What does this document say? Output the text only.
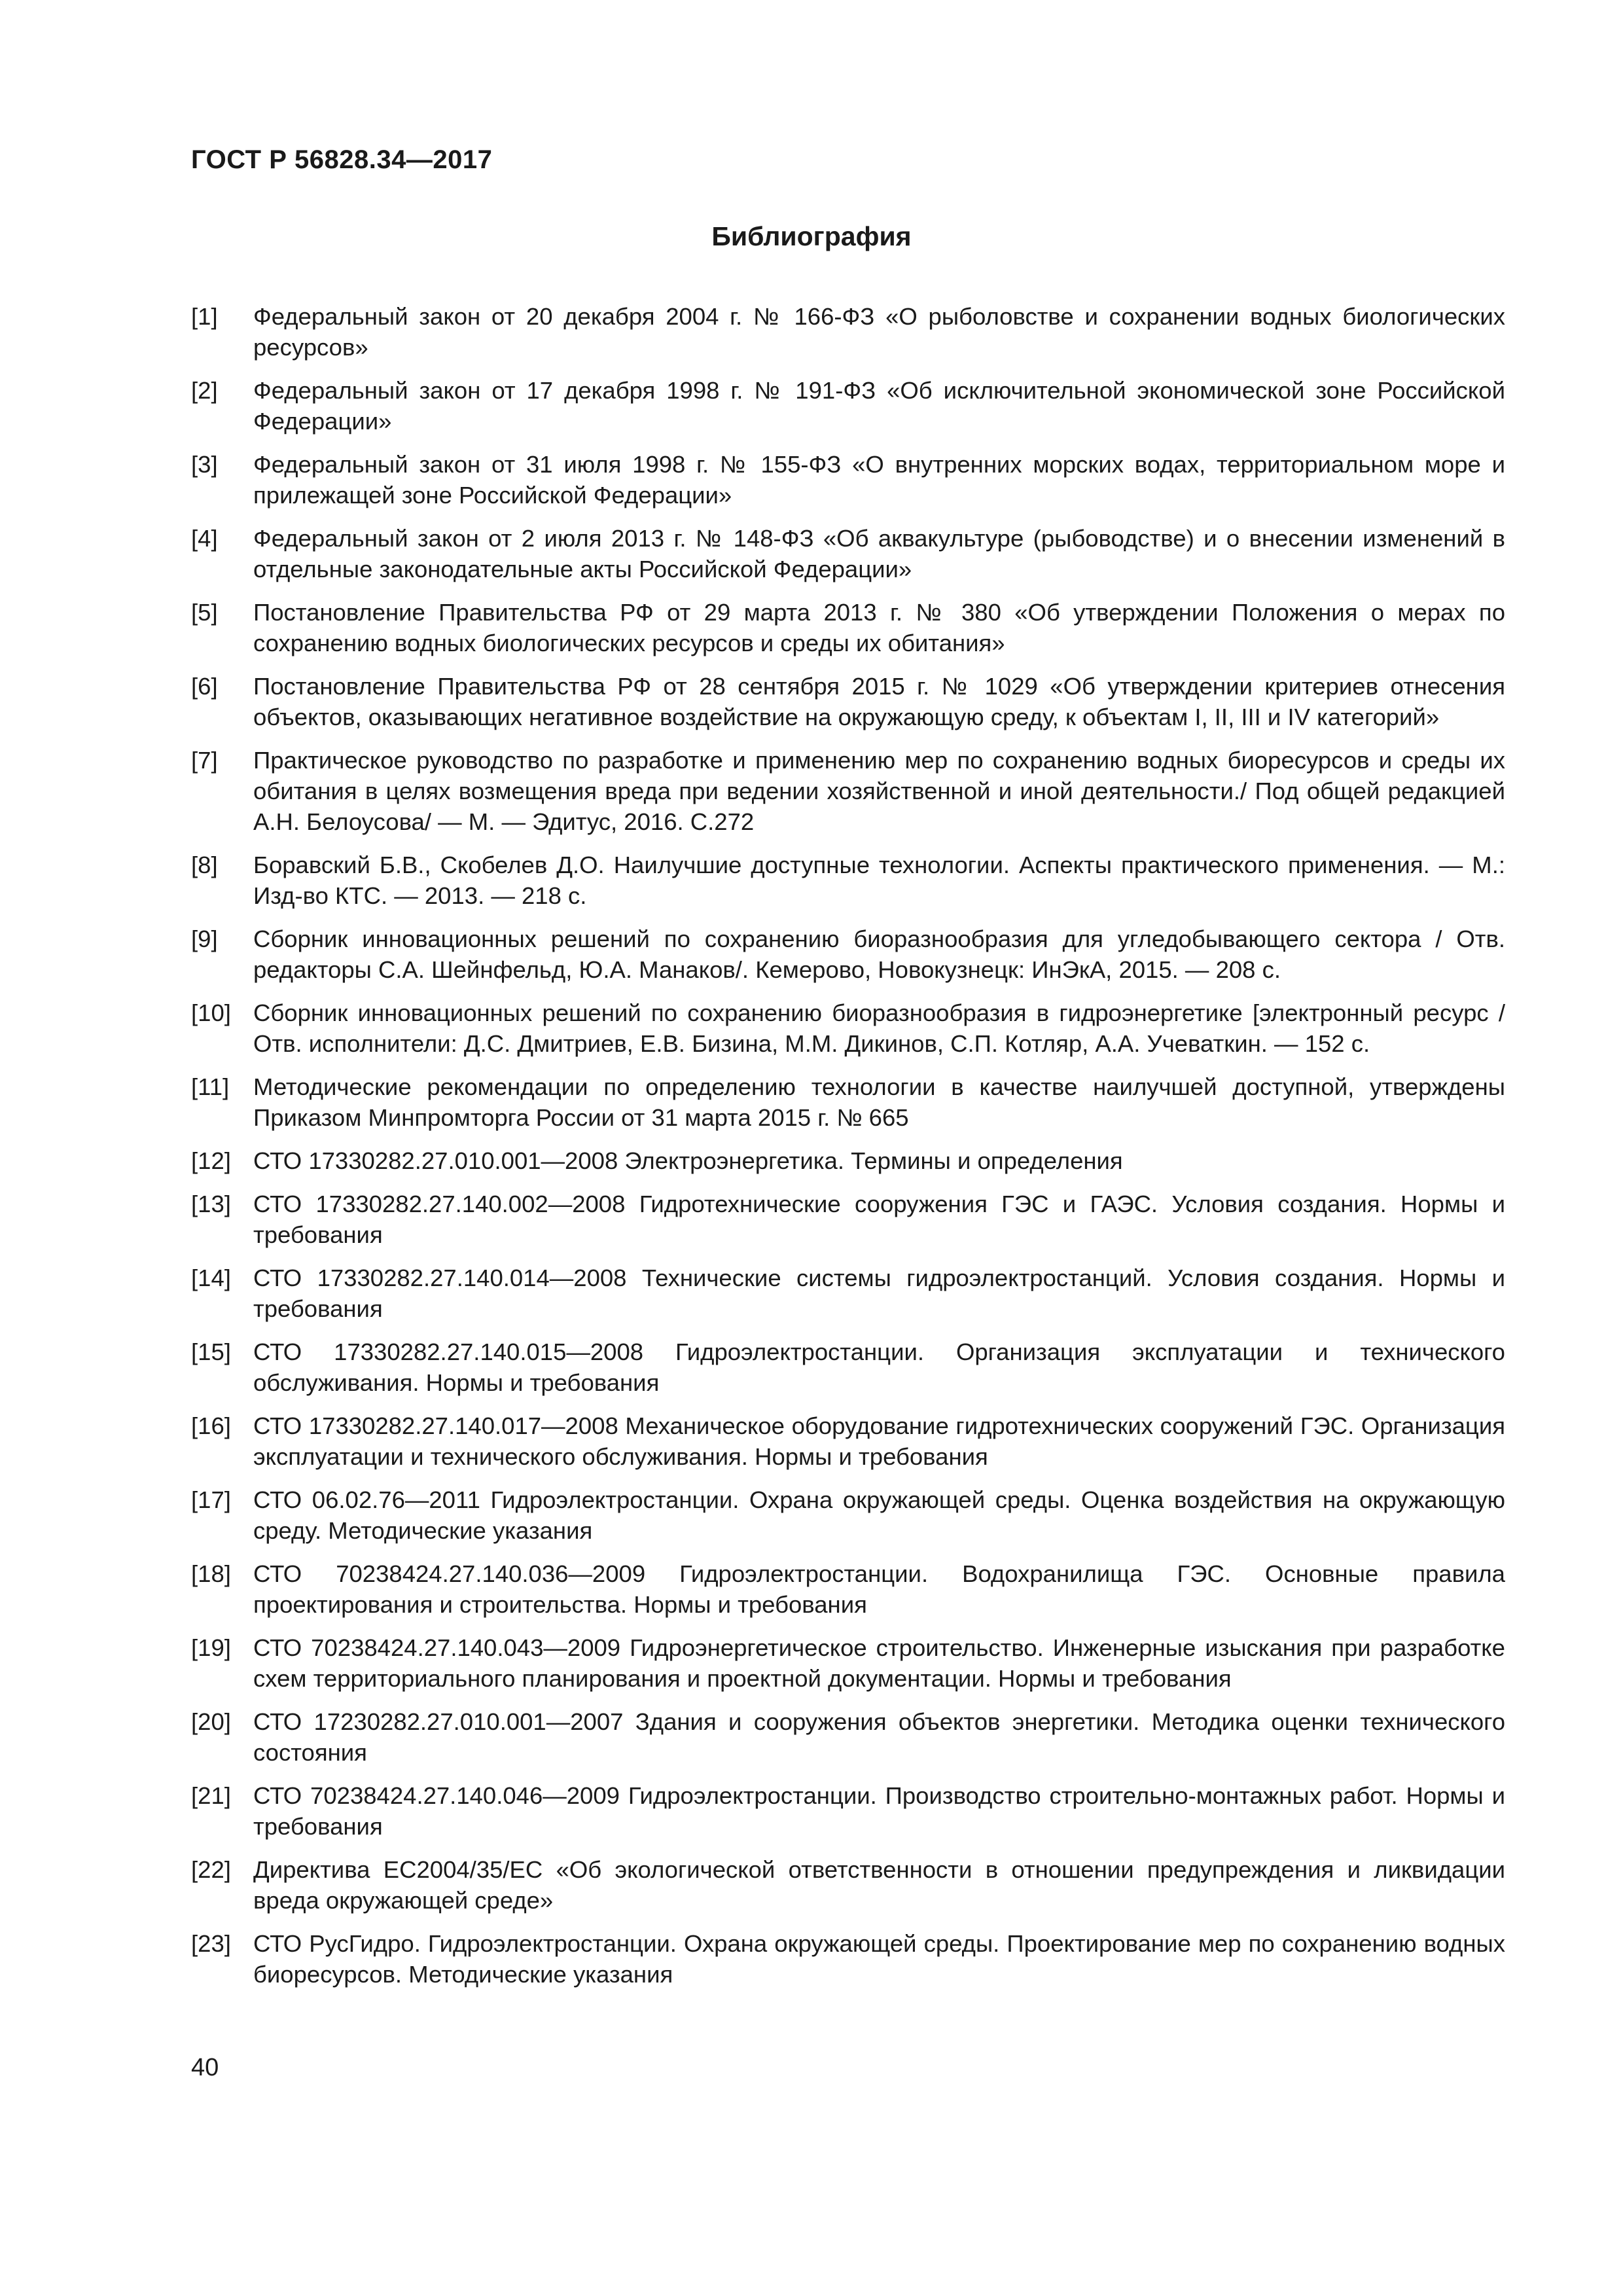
ГОСТ Р 56828.34—2017
Библиография
[1]	Федеральный закон от 20 декабря 2004 г. № 166-ФЗ «О рыболовстве и сохранении водных биологических ресурсов»
[2]	Федеральный закон от 17 декабря 1998 г. № 191-ФЗ «Об исключительной экономической зоне Российской Федерации»
[3]	Федеральный закон от 31 июля 1998 г. № 155-ФЗ «О внутренних морских водах, территориальном море и прилежащей зоне Российской Федерации»
[4]	Федеральный закон от 2 июля 2013 г. № 148-ФЗ «Об аквакультуре (рыбоводстве) и о внесении изменений в отдельные законодательные акты Российской Федерации»
[5]	Постановление Правительства РФ от 29 марта 2013 г. № 380 «Об утверждении Положения о мерах по сохранению водных биологических ресурсов и среды их обитания»
[6]	Постановление Правительства РФ от 28 сентября 2015 г. № 1029 «Об утверждении критериев отнесения объектов, оказывающих негативное воздействие на окружающую среду, к объектам I, II, III и IV категорий»
[7]	Практическое руководство по разработке и применению мер по сохранению водных биоресурсов и среды их обитания в целях возмещения вреда при ведении хозяйственной и иной деятельности./ Под общей редакцией А.Н. Белоусова/ — М. — Эдитус, 2016. С.272
[8]	Боравский Б.В., Скобелев Д.О. Наилучшие доступные технологии. Аспекты практического применения. — М.: Изд-во КТС. — 2013. — 218 с.
[9]	Сборник инновационных решений по сохранению биоразнообразия для угледобывающего сектора / Отв. редакторы С.А. Шейнфельд, Ю.А. Манаков/. Кемерово, Новокузнецк: ИнЭкА, 2015. — 208 с.
[10] Сборник инновационных решений по сохранению биоразнообразия в гидроэнергетике [электронный ресурс / Отв. исполнители: Д.С. Дмитриев, Е.В. Бизина, М.М. Дикинов, С.П. Котляр, А.А. Учеваткин. — 152 с.
[11]	Методические рекомендации по определению технологии в качестве наилучшей доступной, утверждены Приказом Минпромторга России от 31 марта 2015 г. № 665
[12] СТО 17330282.27.010.001—2008 Электроэнергетика. Термины и определения
[13] СТО 17330282.27.140.002—2008 Гидротехнические сооружения ГЭС и ГАЭС. Условия создания. Нормы и требования
[14] СТО 17330282.27.140.014—2008 Технические системы гидроэлектростанций. Условия создания. Нормы и требования
[15] СТО 17330282.27.140.015—2008 Гидроэлектростанции. Организация эксплуатации и технического обслуживания. Нормы и требования
[16] СТО 17330282.27.140.017—2008 Механическое оборудование гидротехнических сооружений ГЭС. Организация эксплуатации и технического обслуживания. Нормы и требования
[17] СТО 06.02.76—2011 Гидроэлектростанции. Охрана окружающей среды. Оценка воздействия на окружающую среду. Методические указания
[18] СТО 70238424.27.140.036—2009 Гидроэлектростанции. Водохранилища ГЭС. Основные правила проектирования и строительства. Нормы и требования
[19] СТО 70238424.27.140.043—2009 Гидроэнергетическое строительство. Инженерные изыскания при разработке схем территориального планирования и проектной документации. Нормы и требования
[20] СТО 17230282.27.010.001—2007 Здания и сооружения объектов энергетики. Методика оценки технического состояния
[21] СТО 70238424.27.140.046—2009 Гидроэлектростанции. Производство строительно-монтажных работ. Нормы и требования
[22] Директива ЕС2004/35/ЕС «Об экологической ответственности в отношении предупреждения и ликвидации вреда окружающей среде»
[23] СТО РусГидро. Гидроэлектростанции. Охрана окружающей среды. Проектирование мер по сохранению водных биоресурсов. Методические указания
40
